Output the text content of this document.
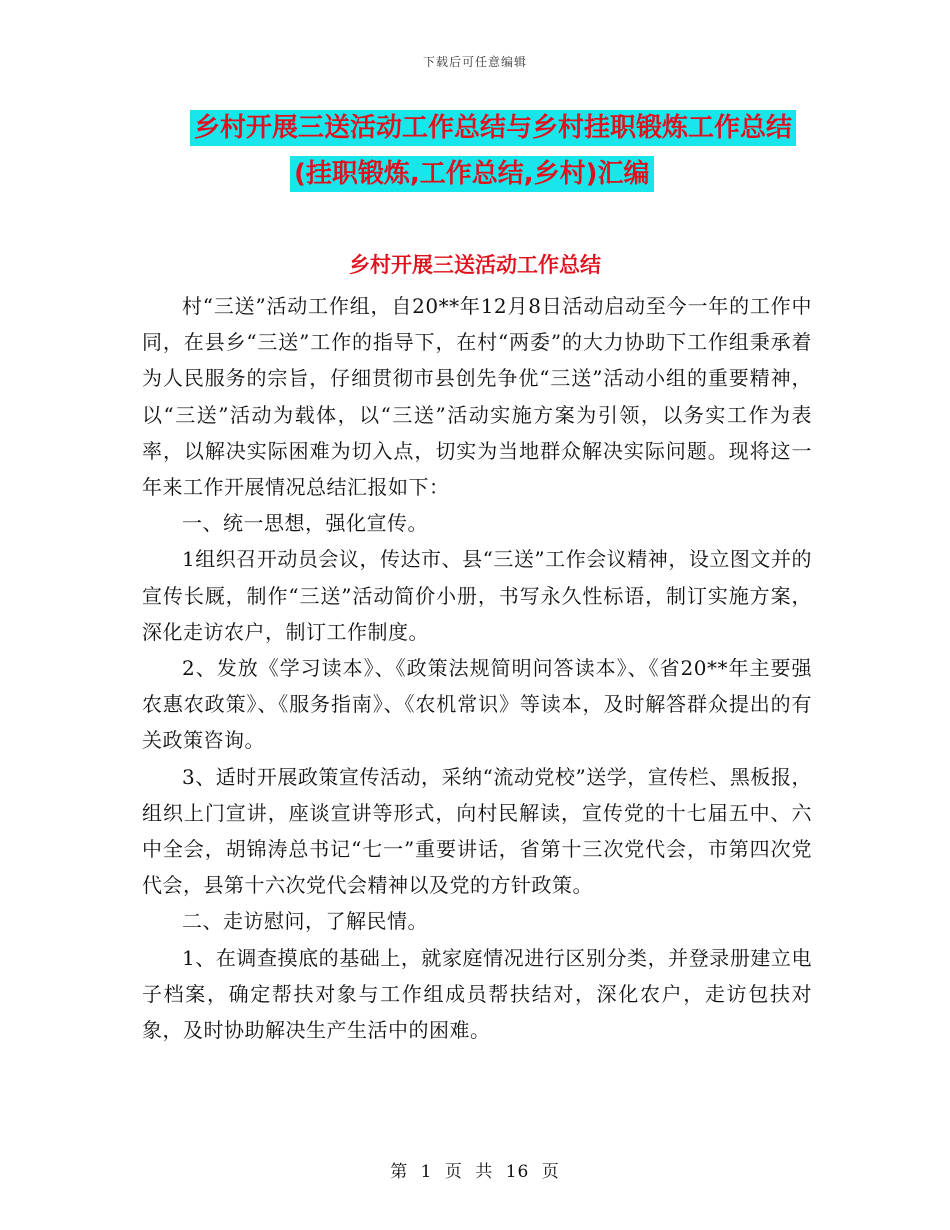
下载后可任意编辑
乡村开展三送活动工作总结与乡村挂职锻炼工作总结
(挂职锻炼,工作总结,乡村)汇编
乡村开展三送活动工作总结

村“三送”活动工作组，自20**年12月8日活动启动至今一年的工作中同，在县乡“三送”工作的指导下，在村“两委”的大力协助下工作组秉承着为人民服务的宗旨，仔细贯彻市县创先争优“三送”活动小组的重要精神，以“三送”活动为载体，以“三送”活动实施方案为引领，以务实工作为表率，以解决实际困难为切入点，切实为当地群众解决实际问题。现将这一年来工作开展情况总结汇报如下：

一、统一思想，强化宣传。

1组织召开动员会议，传达市、县“三送”工作会议精神，设立图文并的宣传长厩，制作“三送”活动简价小册，书写永久性标语，制订实施方案，深化走访农户，制订工作制度。

2、发放《学习读本》、《政策法规简明问答读本》、《省20**年主要强农惠农政策》、《服务指南》、《农机常识》等读本，及时解答群众提出的有关政策咨询。

3、适时开展政策宣传活动，采纳“流动党校”送学，宣传栏、黑板报，组织上门宣讲，座谈宣讲等形式，向村民解读，宣传党的十七届五中、六中全会，胡锦涛总书记“七一”重要讲话，省第十三次党代会，市第四次党代会，县第十六次党代会精神以及党的方针政策。

二、走访慰问，了解民情。

1、在调查摸底的基础上，就家庭情况进行区别分类，并登录册建立电子档案，确定帮扶对象与工作组成员帮扶结对，深化农户，走访包扶对象，及时协助解决生产生活中的困难。

第 1 页 共 16 页
